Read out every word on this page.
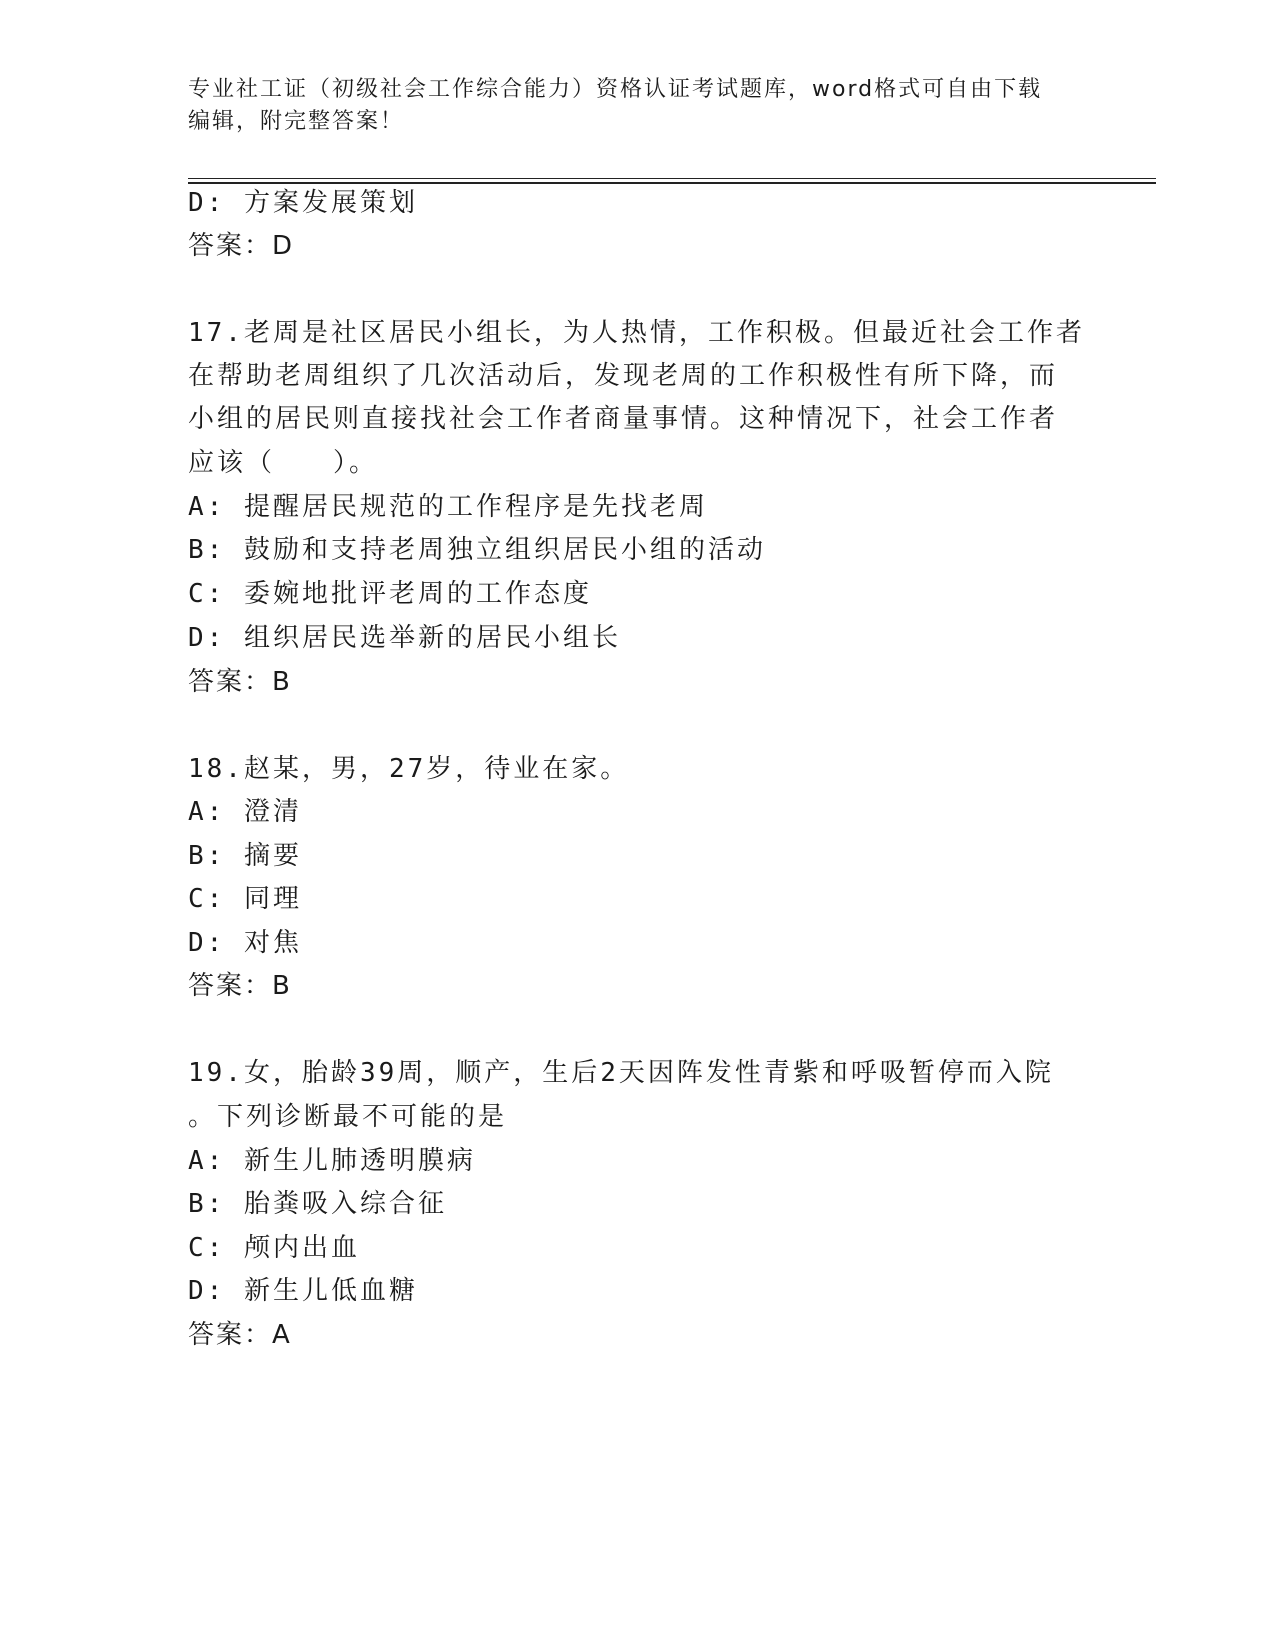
专业社工证（初级社会工作综合能力）资格认证考试题库，word格式可自由下载
编辑，附完整答案！
D: 方案发展策划
答案：D
17.老周是社区居民小组长，为人热情，工作积极。但最近社会工作者
在帮助老周组织了几次活动后，发现老周的工作积极性有所下降，而
小组的居民则直接找社会工作者商量事情。这种情况下，社会工作者
应该（　　）。
A: 提醒居民规范的工作程序是先找老周
B: 鼓励和支持老周独立组织居民小组的活动
C: 委婉地批评老周的工作态度
D: 组织居民选举新的居民小组长
答案：B
18.赵某，男，27岁，待业在家。
A: 澄清
B: 摘要
C: 同理
D: 对焦
答案：B
19.女，胎龄39周，顺产，生后2天因阵发性青紫和呼吸暂停而入院
。下列诊断最不可能的是
A: 新生儿肺透明膜病
B: 胎粪吸入综合征
C: 颅内出血
D: 新生儿低血糖
答案：A
